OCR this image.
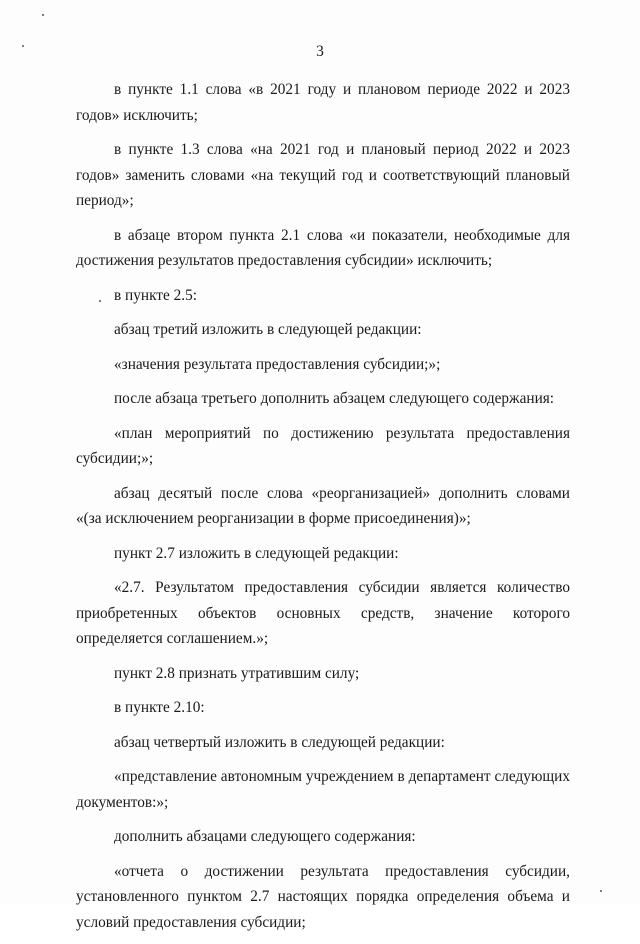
3

в пункте 1.1 слова «в 2021 году и плановом периоде 2022 и 2023 годов» исключить;

в пункте 1.3 слова «на 2021 год и плановый период 2022 и 2023 годов» заменить словами «на текущий год и соответствующий плановый период»;

в абзаце втором пункта 2.1 слова «и показатели, необходимые для достижения результатов предоставления субсидии» исключить;

в пункте 2.5:

абзац третий изложить в следующей редакции:

«значения результата предоставления субсидии;»;

после абзаца третьего дополнить абзацем следующего содержания:

«план мероприятий по достижению результата предоставления субсидии;»;

абзац десятый после слова «реорганизацией» дополнить словами «(за исключением реорганизации в форме присоединения)»;

пункт 2.7 изложить в следующей редакции:

«2.7. Результатом предоставления субсидии является количество приобретенных объектов основных средств, значение которого определяется соглашением.»;

пункт 2.8 признать утратившим силу;

в пункте 2.10:

абзац четвертый изложить в следующей редакции:

«представление автономным учреждением в департамент следующих документов:»;

дополнить абзацами следующего содержания:

«отчета о достижении результата предоставления субсидии, установленного пунктом 2.7 настоящих порядка определения объема и условий предоставления субсидии;
